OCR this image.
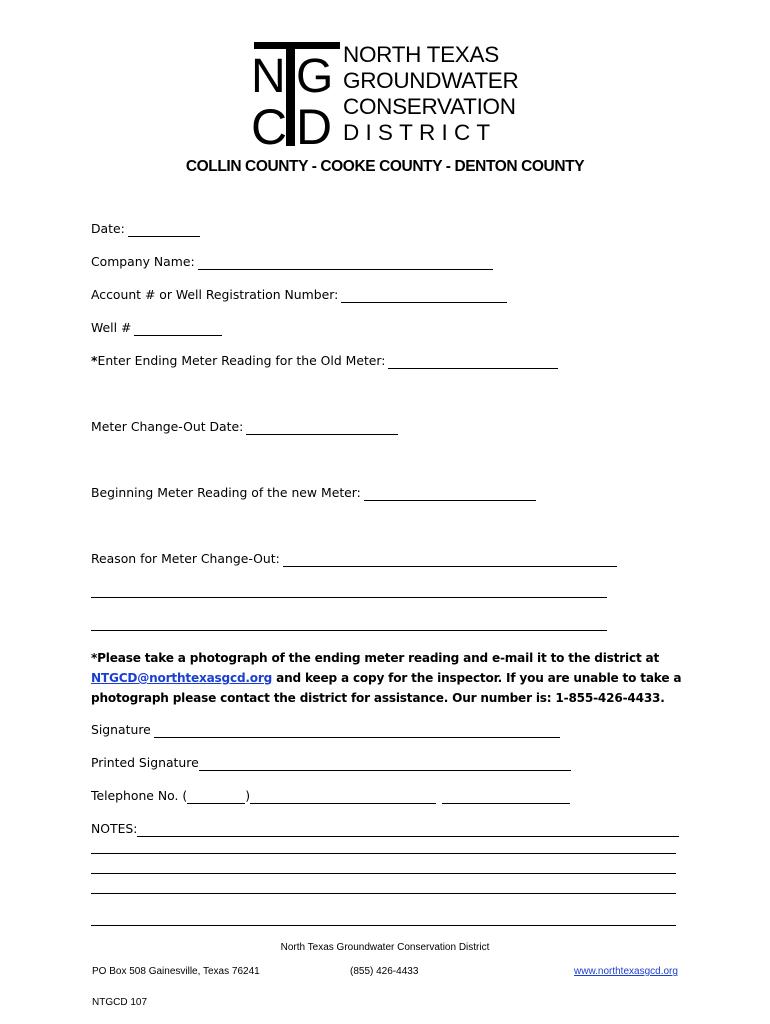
N G
C D
NORTH TEXAS
GROUNDWATER
CONSERVATION
DISTRICT
COLLIN COUNTY - COOKE COUNTY - DENTON COUNTY
Date:
Company Name:
Account # or Well Registration Number:
Well #
* Enter Ending Meter Reading for the Old Meter:
Meter Change-Out Date:
Beginning Meter Reading of the new Meter:
Reason for Meter Change-Out:
*Please take a photograph of the ending meter reading and e-mail it to the district at NTGCD@northtexasgcd.org and keep a copy for the inspector. If you are unable to take a photograph please contact the district for assistance. Our number is: 1-855-426-4433.
Signature
Printed Signature
Telephone No. (	)
NOTES:
North Texas Groundwater Conservation District
PO Box 508 Gainesville, Texas 76241	(855) 426-4433	www.northtexasgcd.org
NTGCD 107
